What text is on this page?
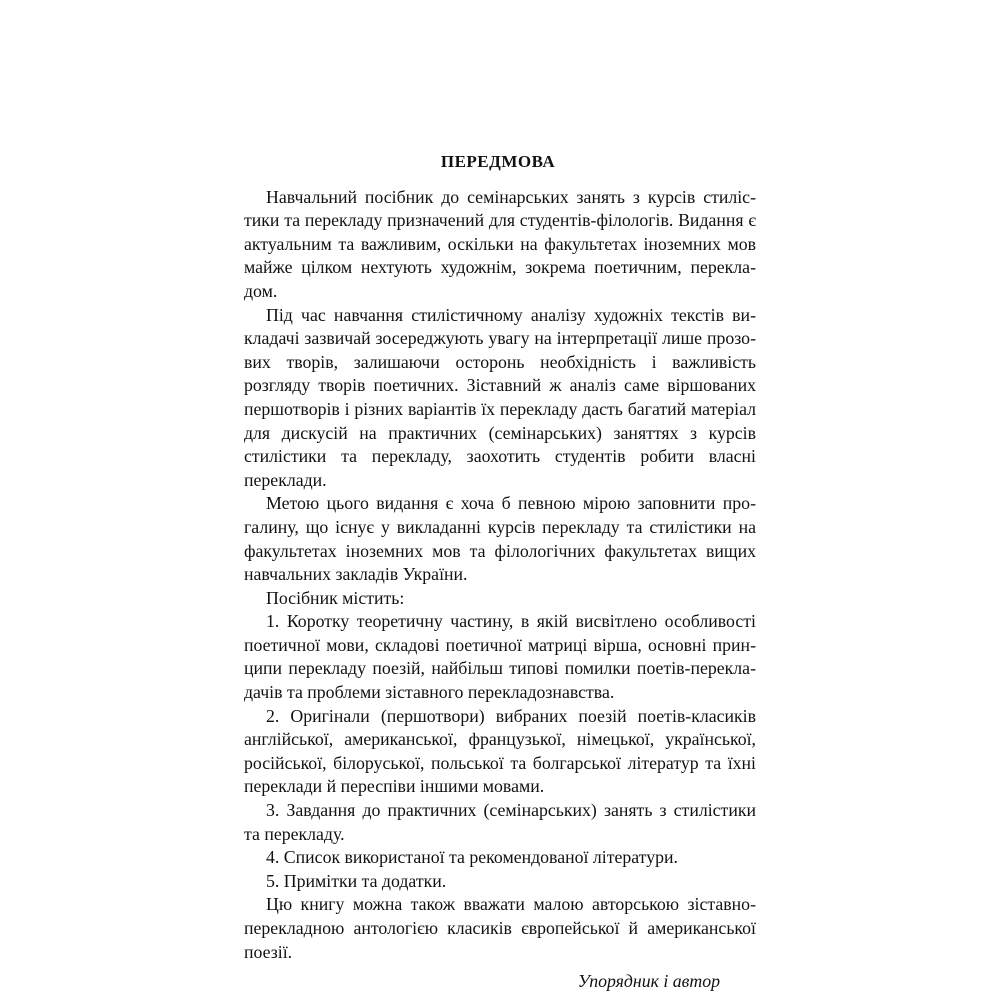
ПЕРЕДМОВА

Навчальний посібник до семінарських занять з курсів стилістики та перекладу призначений для студентів-філологів. Видання є актуальним та важливим, оскільки на факультетах іноземних мов майже цілком нехтують художнім, зокрема поетичним, переклaдом.

Під час навчання стилістичному аналізу художніх текстів викладачі зазвичай зосереджують увагу на інтерпретації лише прозових творів, залишаючи осторонь необхідність і важливість розгляду творів поетичних. Зіставний ж аналіз саме віршованих першотворів і різних варіантів їх перекладу дасть багатий матеріал для дискусій на практичних (семінарських) заняттях з курсів стилістики та перекладу, заохотить студентів робити власні переклади.

Метою цього видання є хоча б певною мірою заповнити прогалину, що існує у викладанні курсів перекладу та стилістики на факультетах іноземних мов та філологічних факультетах вищих навчальних закладів України.

Посібник містить:

1. Коротку теоретичну частину, в якій висвітлено особливості поетичної мови, складові поетичної матриці вірша, основні принципи перекладу поезій, найбільш типові помилки поетів-переклaдачів та проблеми зіставного перекладознавства.

2. Оригінали (першотвори) вибраних поезій поетів-класиків англійської, американської, французької, німецької, української, російської, білоруської, польської та болгарської літератур та їхні переклади й переспіви іншими мовами.

3. Завдання до практичних (семінарських) занять з стилістики та перекладу.

4. Список використаної та рекомендованої літератури.

5. Примітки та додатки.

Цю книгу можна також вважати малою авторською зіставно-перекладною антологією класиків європейської й американської поезії.

Упорядник і автор
